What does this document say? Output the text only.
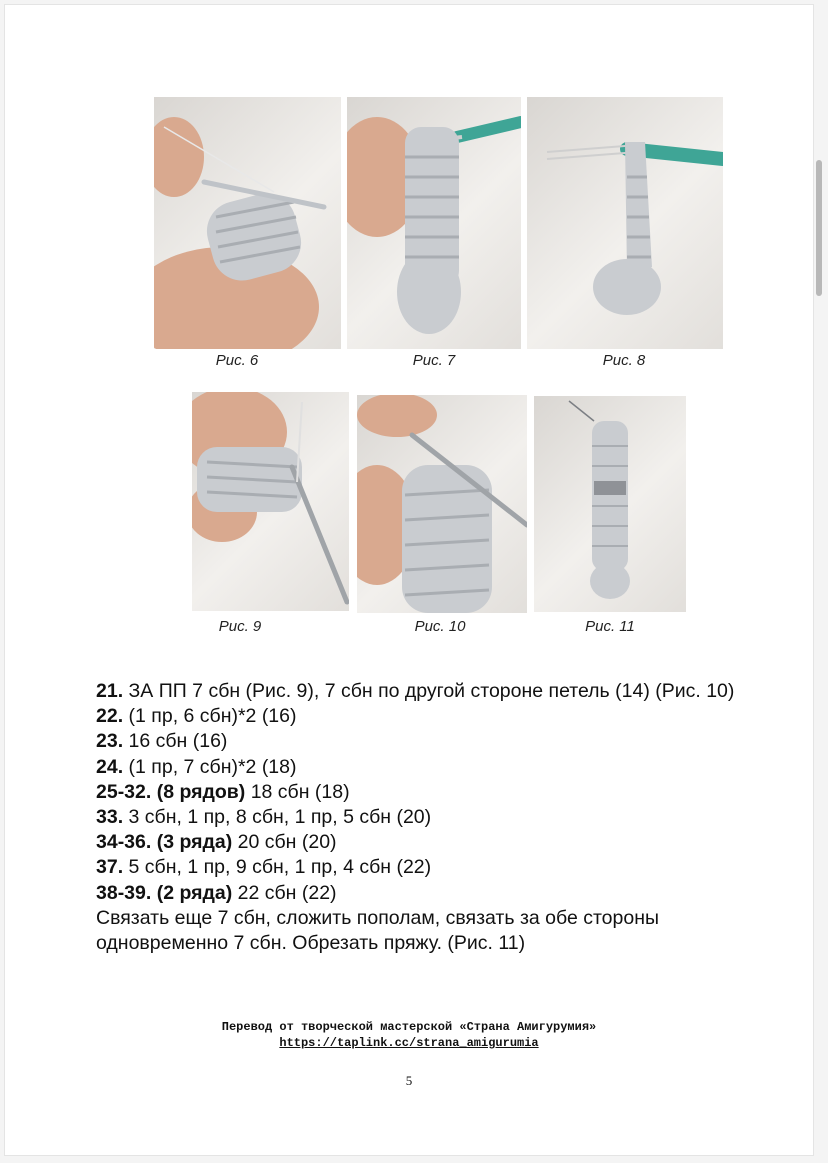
Рис. 6	Рис. 7	Рис. 8
Рис. 9	Рис. 10	Рис. 11
21. ЗА ПП 7 сбн (Рис. 9), 7 сбн по другой стороне петель (14) (Рис. 10)
22. (1 пр, 6 сбн)*2 (16)
23. 16 сбн (16)
24. (1 пр, 7 сбн)*2 (18)
25-32. (8 рядов) 18 сбн (18)
33. 3 сбн, 1 пр, 8 сбн, 1 пр, 5 сбн (20)
34-36. (3 ряда) 20 сбн (20)
37. 5 сбн, 1 пр, 9 сбн, 1 пр, 4 сбн (22)
38-39. (2 ряда) 22 сбн (22)
Связать еще 7 сбн, сложить пополам, связать за обе стороны одновременно 7 сбн. Обрезать пряжу. (Рис. 11)
Перевод от творческой мастерской «Страна Амигурумия»
https://taplink.cc/strana_amigurumia
5
